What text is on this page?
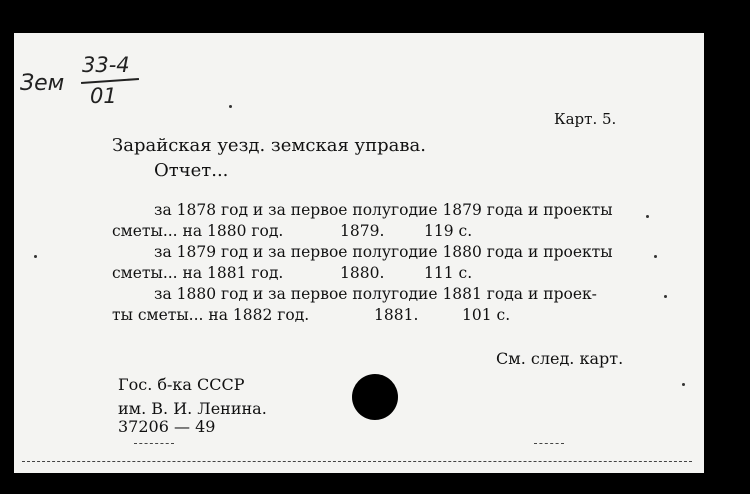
Зем
33-4
01
Карт. 5.
Зарайская уезд. земская управа.
Отчет...
за 1878 год и за первое полугодие 1879 года и проекты
сметы... на 1880 год.	1879.	119 с.
за 1879 год и за первое полугодие 1880 года и проекты
сметы... на 1881 год.	1880.	111 с.
за 1880 год и за первое полугодие 1881 года и проек-
ты сметы... на 1882 год.	1881.	101 с.
См. след. карт.
Гос. б-ка СССР
им. В. И. Ленина.
37206 — 49
